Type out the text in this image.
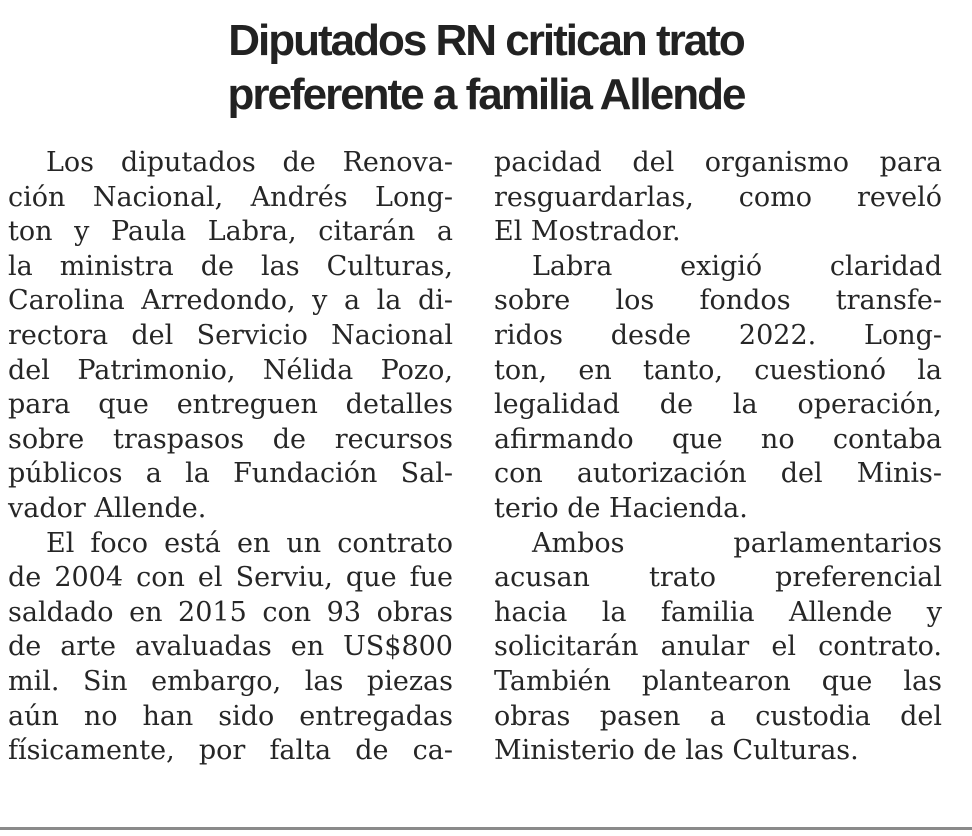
Diputados RN critican trato
preferente a familia Allende
Los diputados de Renova-
ción Nacional, Andrés Long-
ton y Paula Labra, citarán a
la ministra de las Culturas,
Carolina Arredondo, y a la di-
rectora del Servicio Nacional
del Patrimonio, Nélida Pozo,
para que entreguen detalles
sobre traspasos de recursos
públicos a la Fundación Sal-
vador Allende.
El foco está en un contrato
de 2004 con el Serviu, que fue
saldado en 2015 con 93 obras
de arte avaluadas en US$800
mil. Sin embargo, las piezas
aún no han sido entregadas
físicamente, por falta de ca-
pacidad del organismo para
resguardarlas, como reveló
El Mostrador.
Labra exigió claridad
sobre los fondos transfe-
ridos desde 2022. Long-
ton, en tanto, cuestionó la
legalidad de la operación,
afirmando que no contaba
con autorización del Minis-
terio de Hacienda.
Ambos parlamentarios
acusan trato preferencial
hacia la familia Allende y
solicitarán anular el contrato.
También plantearon que las
obras pasen a custodia del
Ministerio de las Culturas.
